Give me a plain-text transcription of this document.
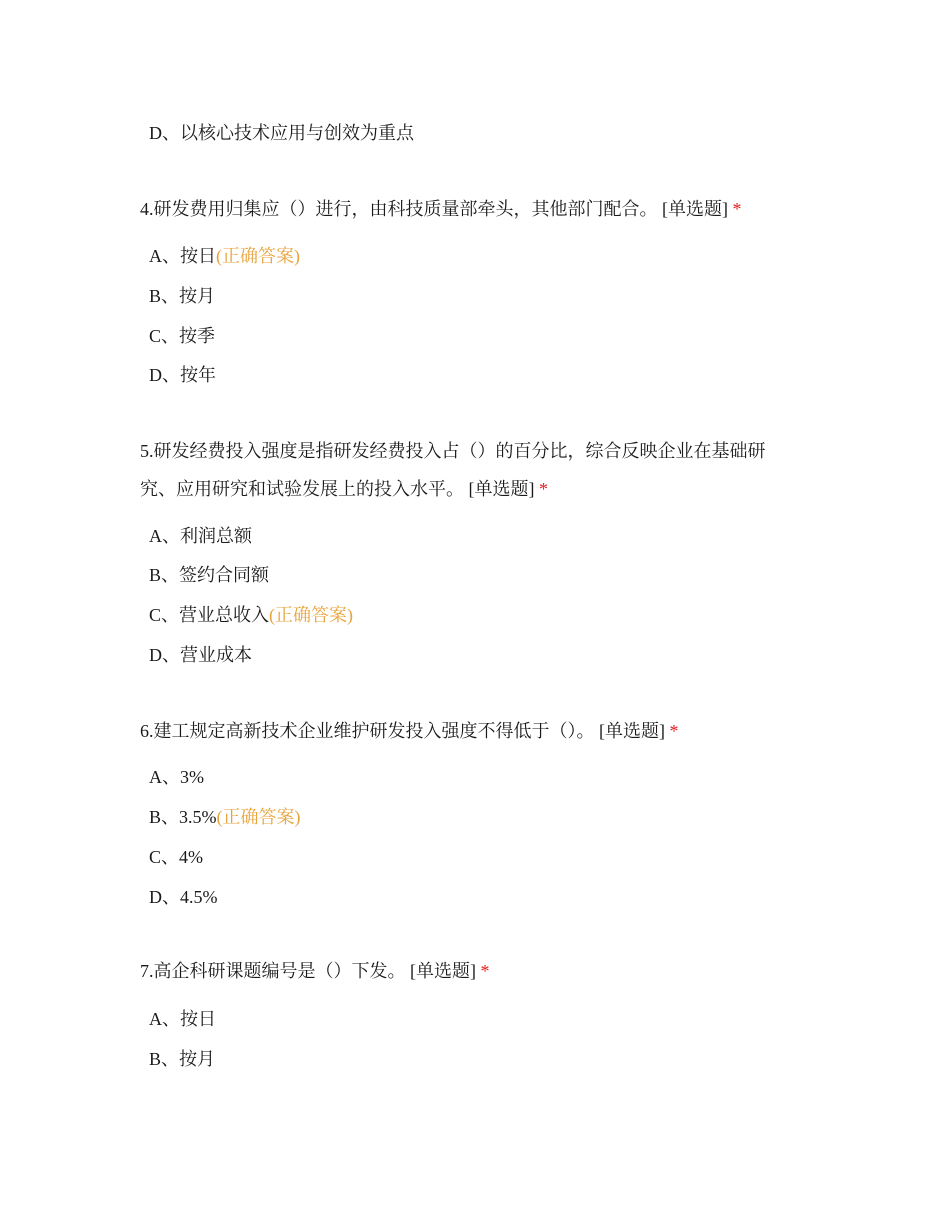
D、以核心技术应用与创效为重点
4.研发费用归集应（）进行，由科技质量部牵头，其他部门配合。 [单选题] *
A、按日(正确答案)
B、按月
C、按季
D、按年
5.研发经费投入强度是指研发经费投入占（）的百分比，综合反映企业在基础研究、应用研究和试验发展上的投入水平。 [单选题] *
A、利润总额
B、签约合同额
C、营业总收入(正确答案)
D、营业成本
6.建工规定高新技术企业维护研发投入强度不得低于（）。 [单选题] *
A、3%
B、3.5%(正确答案)
C、4%
D、4.5%
7.高企科研课题编号是（）下发。 [单选题] *
A、按日
B、按月
